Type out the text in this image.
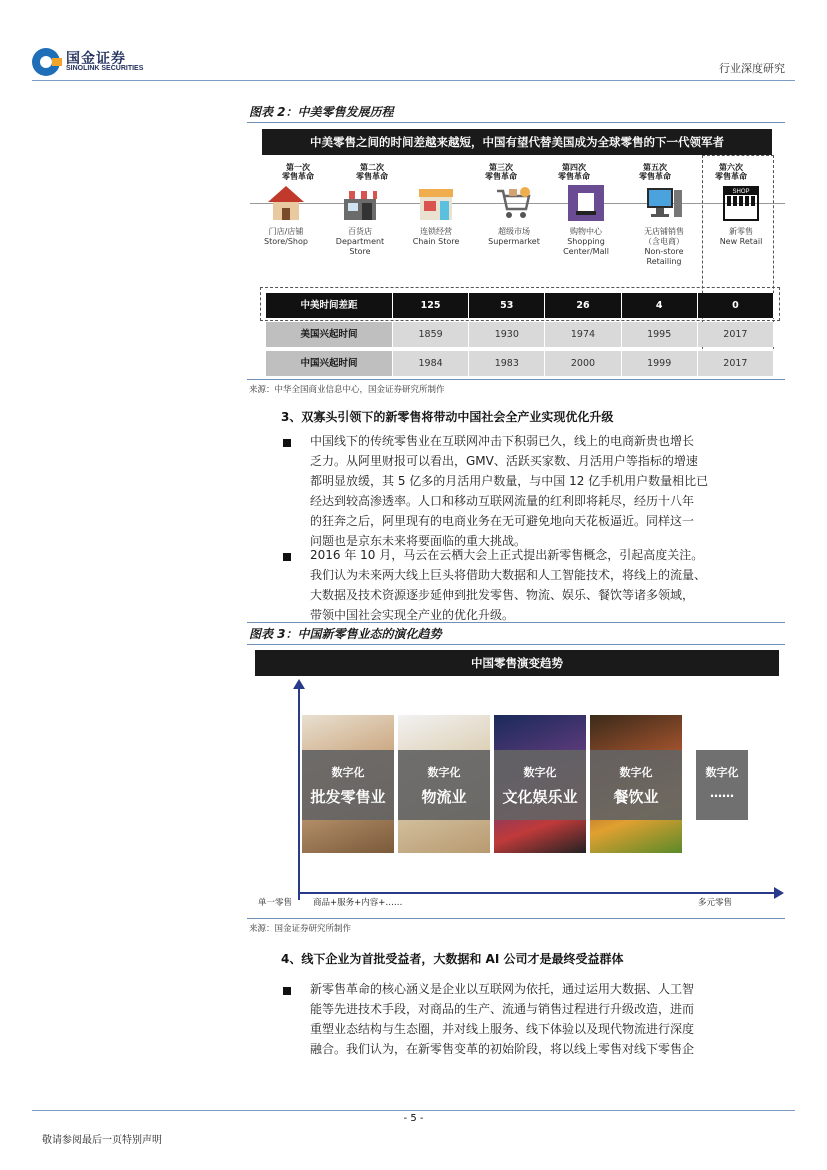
国金证券
SINOLINK SECURITIES	行业深度研究
图表 2：中美零售发展历程
中美零售之间的时间差越来越短，中国有望代替美国成为全球零售的下一代领军者
第一次
零售革命
门店/店铺
Store/Shop
第二次
零售革命
百货店
Department
Store
连锁经营
Chain Store
第三次
零售革命
超级市场
Supermarket
第四次
零售革命
购物中心
Shopping
Center/Mall
第五次
零售革命
无店铺销售
（含电商）
Non-store
Retailing
第六次
零售革命
SHOP
新零售
New Retail
中美时间差距	125	53	26	4	0
美国兴起时间	1859	1930	1974	1995	2017
中国兴起时间	1984	1983	2000	1999	2017
来源：中华全国商业信息中心，国金证券研究所制作
3、双寡头引领下的新零售将带动中国社会全产业实现优化升级
中国线下的传统零售业在互联网冲击下积弱已久，线上的电商新贵也增长
乏力。从阿里财报可以看出，GMV、活跃买家数、月活用户等指标的增速
都明显放缓，其 5 亿多的月活用户数量，与中国 12 亿手机用户数量相比已
经达到较高渗透率。人口和移动互联网流量的红利即将耗尽，经历十八年
的狂奔之后，阿里现有的电商业务在无可避免地向天花板逼近。同样这一
问题也是京东未来将要面临的重大挑战。
2016 年 10 月，马云在云栖大会上正式提出新零售概念，引起高度关注。
我们认为未来两大线上巨头将借助大数据和人工智能技术，将线上的流量、
大数据及技术资源逐步延伸到批发零售、物流、娱乐、餐饮等诸多领域，
带领中国社会实现全产业的优化升级。
图表 3：中国新零售业态的演化趋势
中国零售演变趋势
数字化
批发零售业
数字化
物流业
数字化
文化娱乐业
数字化
餐饮业
数字化
……
单一零售 商品+服务+内容+……	多元零售
来源：国金证券研究所制作
4、线下企业为首批受益者，大数据和 AI 公司才是最终受益群体
新零售革命的核心涵义是企业以互联网为依托，通过运用大数据、人工智
能等先进技术手段，对商品的生产、流通与销售过程进行升级改造，进而
重塑业态结构与生态圈，并对线上服务、线下体验以及现代物流进行深度
融合。我们认为，在新零售变革的初始阶段，将以线上零售对线下零售企
- 5 -
敬请参阅最后一页特别声明
